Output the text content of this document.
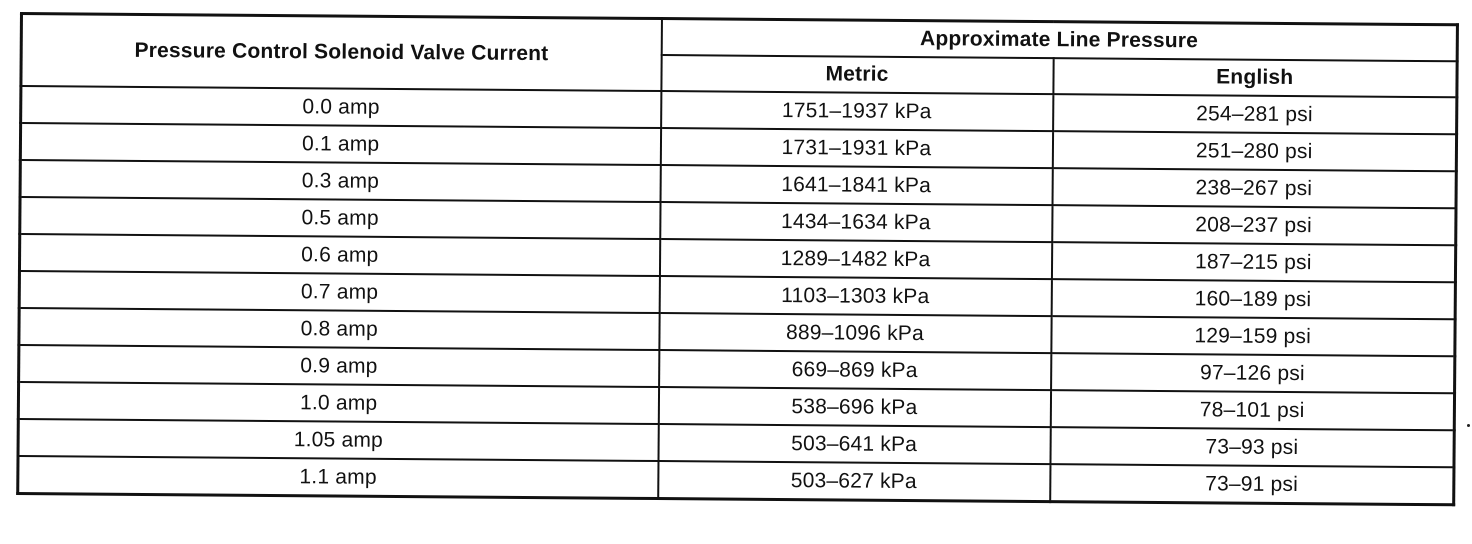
Pressure Control Solenoid Valve Current	Approximate Line Pressure	
	Metric	English
0.0 amp	1751–1937 kPa	254–281 psi
0.1 amp	1731–1931 kPa	251–280 psi
0.3 amp	1641–1841 kPa	238–267 psi
0.5 amp	1434–1634 kPa	208–237 psi
0.6 amp	1289–1482 kPa	187–215 psi
0.7 amp	1103–1303 kPa	160–189 psi
0.8 amp	889–1096 kPa	129–159 psi
0.9 amp	669–869 kPa	97–126 psi
1.0 amp	538–696 kPa	78–101 psi
1.05 amp	503–641 kPa	73–93 psi
1.1 amp	503–627 kPa	73–91 psi
